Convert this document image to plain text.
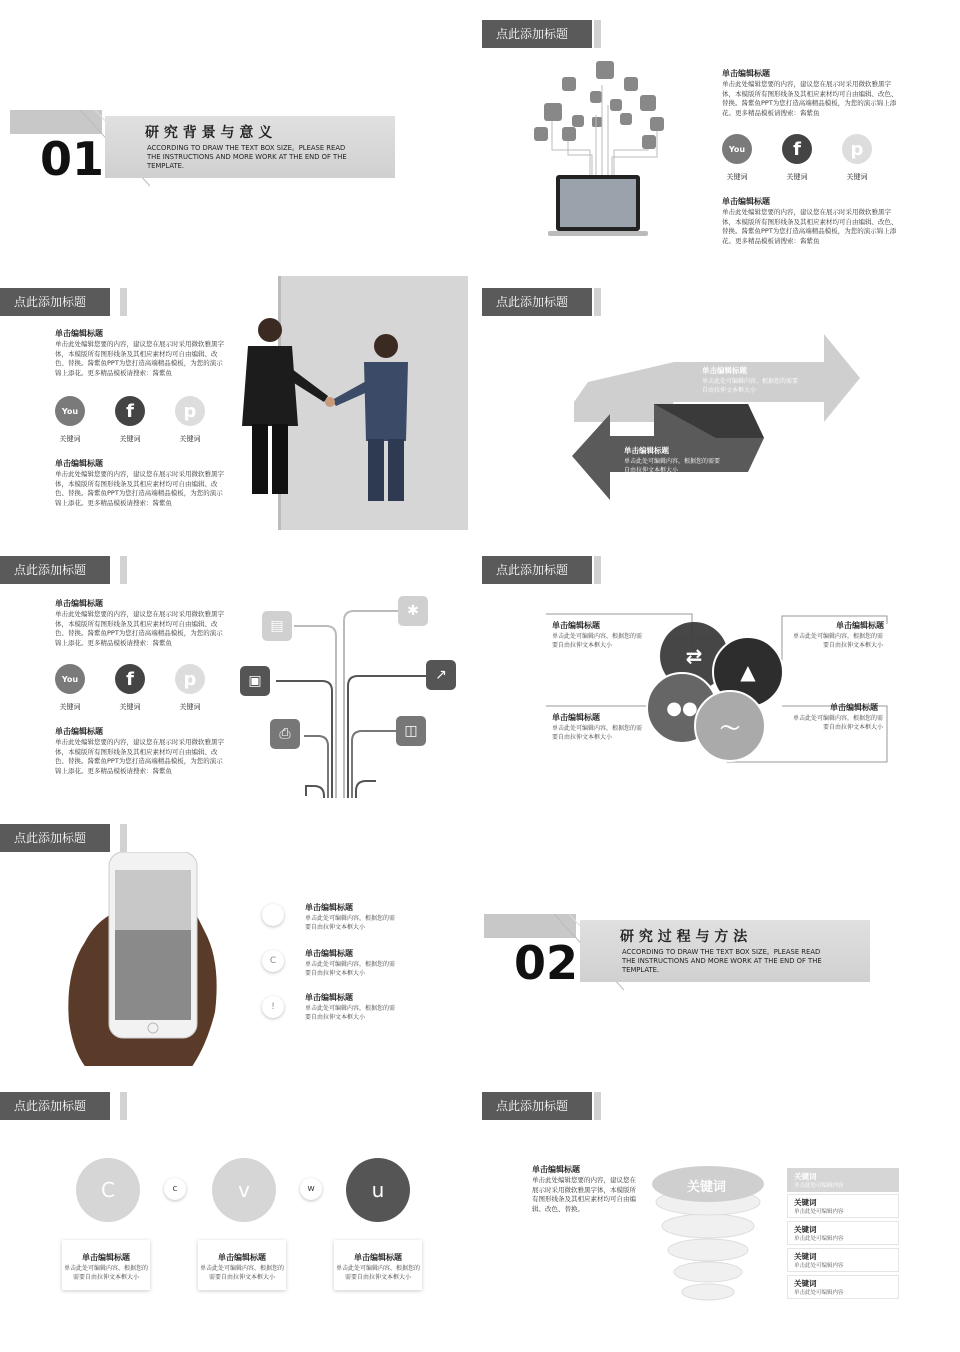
01	研 究 背 景 与 意 义
ACCORDING TO DRAW THE TEXT BOX SIZE。PLEASE READ THE INSTRUCTIONS AND MORE WORK AT THE END OF THE TEMPLATE.
点此添加标题
单击编辑标题
单击此处编辑您要的内容，建议您在展示时采用微软雅黑字体，本模版所有图形线条及其相应素材均可自由编辑、改色、替换。酱紫鱼PPT为您打造高端精品模板，为您的演示锦上添花。更多精品模板请搜索：酱紫鱼
You	f	p
关键词	关键词	关键词
单击编辑标题
单击此处编辑您要的内容，建议您在展示时采用微软雅黑字体，本模版所有图形线条及其相应素材均可自由编辑、改色、替换。酱紫鱼PPT为您打造高端精品模板，为您的演示锦上添花。更多精品模板请搜索：酱紫鱼
点此添加标题
单击编辑标题
单击此处编辑您要的内容，建议您在展示时采用微软雅黑字体，本模版所有图形线条及其相应素材均可自由编辑、改色、替换。酱紫鱼PPT为您打造高端精品模板，为您的演示锦上添花。更多精品模板请搜索：酱紫鱼
You	f	p
关键词	关键词	关键词
单击编辑标题
单击此处编辑您要的内容，建议您在展示时采用微软雅黑字体，本模版所有图形线条及其相应素材均可自由编辑、改色、替换。酱紫鱼PPT为您打造高端精品模板，为您的演示锦上添花。更多精品模板请搜索：酱紫鱼
点此添加标题
单击编辑标题
单击此处可编辑内容，根据您的需要自由拉伸文本框大小
单击编辑标题
单击此处可编辑内容，根据您的需要自由拉伸文本框大小
点此添加标题
单击编辑标题
单击此处编辑您要的内容，建议您在展示时采用微软雅黑字体，本模版所有图形线条及其相应素材均可自由编辑、改色、替换。酱紫鱼PPT为您打造高端精品模板，为您的演示锦上添花。更多精品模板请搜索：酱紫鱼
You	f	p
关键词	关键词	关键词
单击编辑标题
单击此处编辑您要的内容，建议您在展示时采用微软雅黑字体，本模版所有图形线条及其相应素材均可自由编辑、改色、替换。酱紫鱼PPT为您打造高端精品模板，为您的演示锦上添花。更多精品模板请搜索：酱紫鱼
▤
✱
▣	↗
⎙	◫
点此添加标题
单击编辑标题
单击此处可编辑内容，根据您的需要自由拉伸文本框大小
单击编辑标题
单击此处可编辑内容，根据您的需要自由拉伸文本框大小
单击编辑标题
单击此处可编辑内容，根据您的需要自由拉伸文本框大小
单击编辑标题
单击此处可编辑内容，根据您的需要自由拉伸文本框大小
⇄
▲
●●
〜
点此添加标题
C
!
单击编辑标题
单击此处可编辑内容，根据您的需要自由拉伸文本框大小
单击编辑标题
单击此处可编辑内容，根据您的需要自由拉伸文本框大小
单击编辑标题
单击此处可编辑内容，根据您的需要自由拉伸文本框大小
02	研 究 过 程 与 方 法
ACCORDING TO DRAW THE TEXT BOX SIZE。PLEASE READ THE INSTRUCTIONS AND MORE WORK AT THE END OF THE TEMPLATE.
点此添加标题
C	c	v	w	u
单击编辑标题
单击此处可编辑内容，根据您的需要自由拉伸文本框大小
单击编辑标题
单击此处可编辑内容，根据您的需要自由拉伸文本框大小
单击编辑标题
单击此处可编辑内容，根据您的需要自由拉伸文本框大小
点此添加标题
单击编辑标题
单击此处编辑您要的内容，建议您在展示时采用微软雅黑字体，本模版所有图形线条及其相应素材均可自由编辑、改色、替换。
关键词
关键词
单击此处可编辑内容
关键词
单击此处可编辑内容
关键词
单击此处可编辑内容
关键词
单击此处可编辑内容
关键词
单击此处可编辑内容
